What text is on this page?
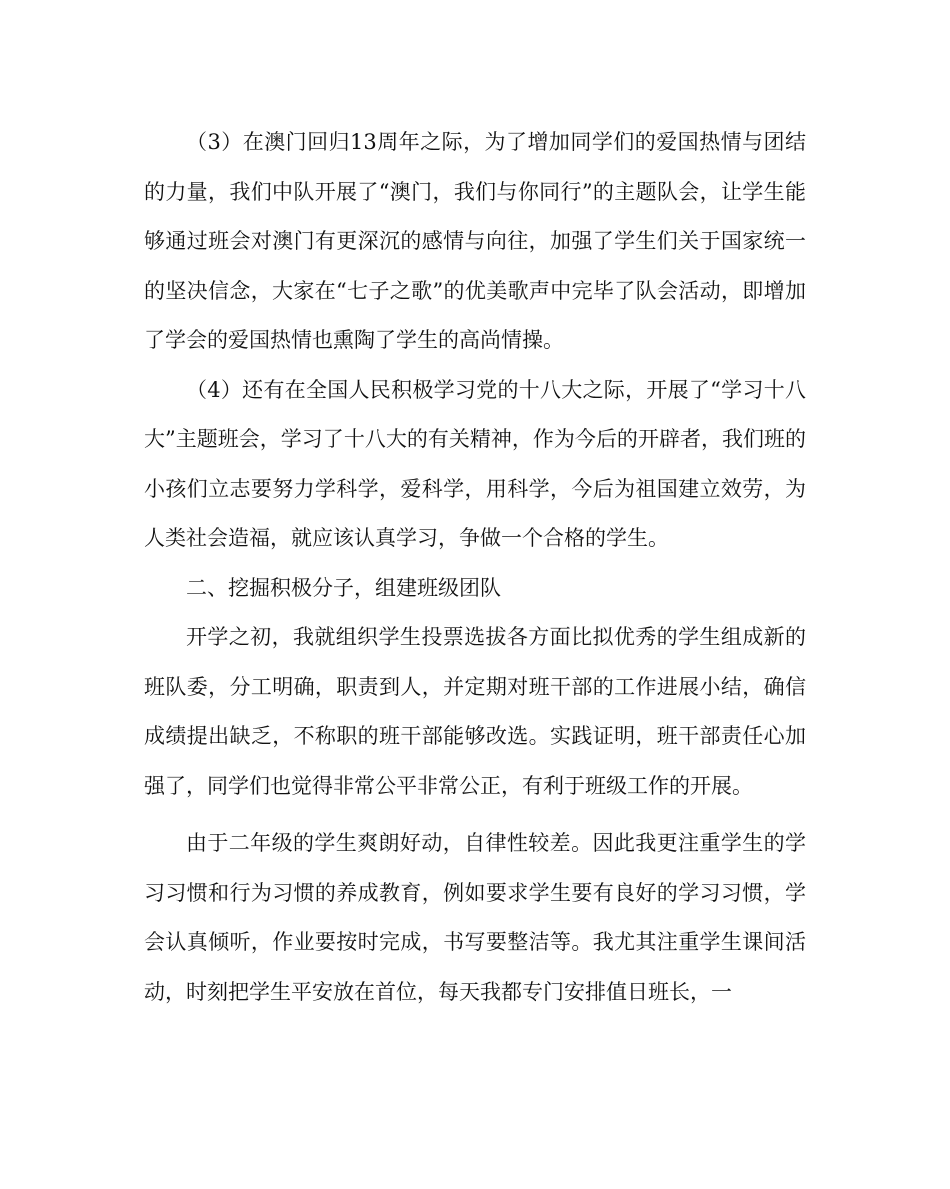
（3）在澳门回归13周年之际，为了增加同学们的爱国热情与团结的力量，我们中队开展了“澳门，我们与你同行”的主题队会，让学生能够通过班会对澳门有更深沉的感情与向往，加强了学生们关于国家统一的坚决信念，大家在“七子之歌”的优美歌声中完毕了队会活动，即增加了学会的爱国热情也熏陶了学生的高尚情操。

（4）还有在全国人民积极学习党的十八大之际，开展了“学习十八大”主题班会，学习了十八大的有关精神，作为今后的开辟者，我们班的小孩们立志要努力学科学，爱科学，用科学，今后为祖国建立效劳，为人类社会造福，就应该认真学习，争做一个合格的学生。

二、挖掘积极分子，组建班级团队

开学之初，我就组织学生投票选拔各方面比拟优秀的学生组成新的班队委，分工明确，职责到人，并定期对班干部的工作进展小结，确信成绩提出缺乏，不称职的班干部能够改选。实践证明，班干部责任心加强了，同学们也觉得非常公平非常公正，有利于班级工作的开展。

由于二年级的学生爽朗好动，自律性较差。因此我更注重学生的学习习惯和行为习惯的养成教育，例如要求学生要有良好的学习习惯，学会认真倾听，作业要按时完成，书写要整洁等。我尤其注重学生课间活动，时刻把学生平安放在首位，每天我都专门安排值日班长，一
